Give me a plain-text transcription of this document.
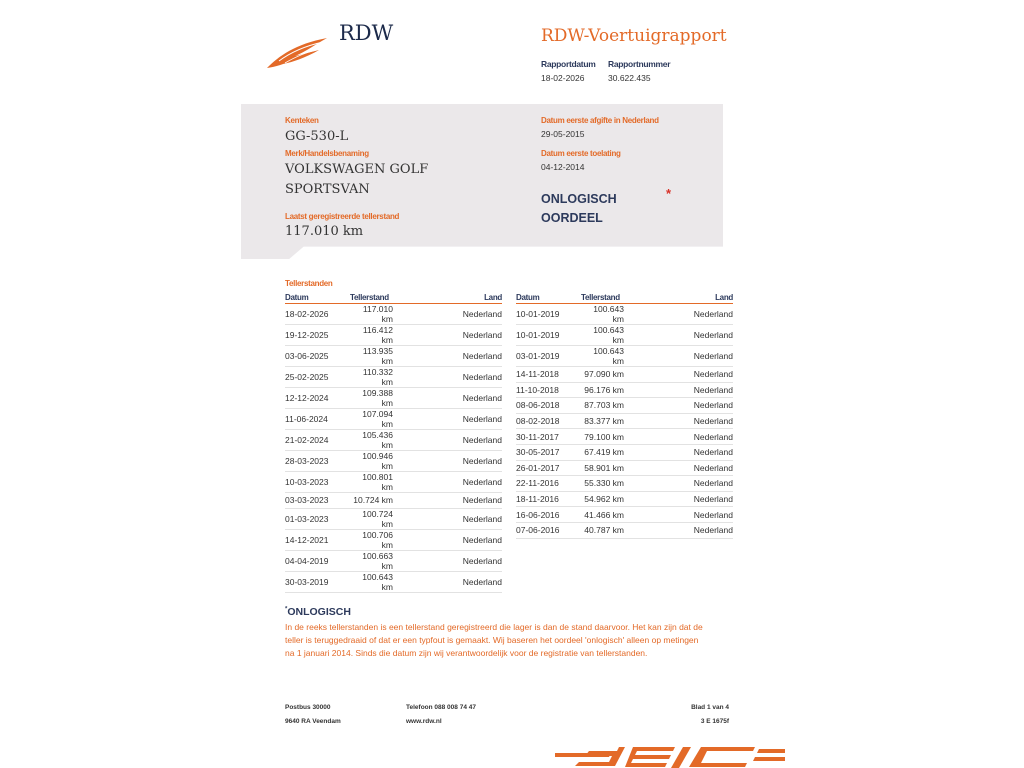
RDW	RDW-Voertuigrapport
Rapportdatum
18-02-2026
Rapportnummer
30.622.435
Kenteken
GG-530-L
Merk/Handelsbenaming
VOLKSWAGEN GOLF
SPORTSVAN
Laatst geregistreerde tellerstand
117.010 km
Datum eerste afgifte in Nederland
29-05-2015
Datum eerste toelating
04-12-2014
ONLOGISCH
OORDEEL
*
Tellerstanden
Datum	Tellerstand	Land
18-02-2026	117.010 km	Nederland
19-12-2025	116.412 km	Nederland
03-06-2025	113.935 km	Nederland
25-02-2025	110.332 km	Nederland
12-12-2024	109.388 km	Nederland
11-06-2024	107.094 km	Nederland
21-02-2024	105.436 km	Nederland
28-03-2023	100.946 km	Nederland
10-03-2023	100.801 km	Nederland
03-03-2023	10.724 km	Nederland
01-03-2023	100.724 km	Nederland
14-12-2021	100.706 km	Nederland
04-04-2019	100.663 km	Nederland
30-03-2019	100.643 km	Nederland
Datum	Tellerstand	Land
10-01-2019	100.643 km	Nederland
10-01-2019	100.643 km	Nederland
03-01-2019	100.643 km	Nederland
14-11-2018	97.090 km	Nederland
11-10-2018	96.176 km	Nederland
08-06-2018	87.703 km	Nederland
08-02-2018	83.377 km	Nederland
30-11-2017	79.100 km	Nederland
30-05-2017	67.419 km	Nederland
26-01-2017	58.901 km	Nederland
22-11-2016	55.330 km	Nederland
18-11-2016	54.962 km	Nederland
16-06-2016	41.466 km	Nederland
07-06-2016	40.787 km	Nederland
*ONLOGISCH
In de reeks tellerstanden is een tellerstand geregistreerd die lager is dan de stand daarvoor. Het kan zijn dat de teller is teruggedraaid of dat er een typfout is gemaakt. Wij baseren het oordeel 'onlogisch' alleen op metingen na 1 januari 2014. Sinds die datum zijn wij verantwoordelijk voor de registratie van tellerstanden.
Postbus 30000
9640 RA Veendam
Telefoon 088 008 74 47
www.rdw.nl
Blad 1 van 4
3 E 1675f
